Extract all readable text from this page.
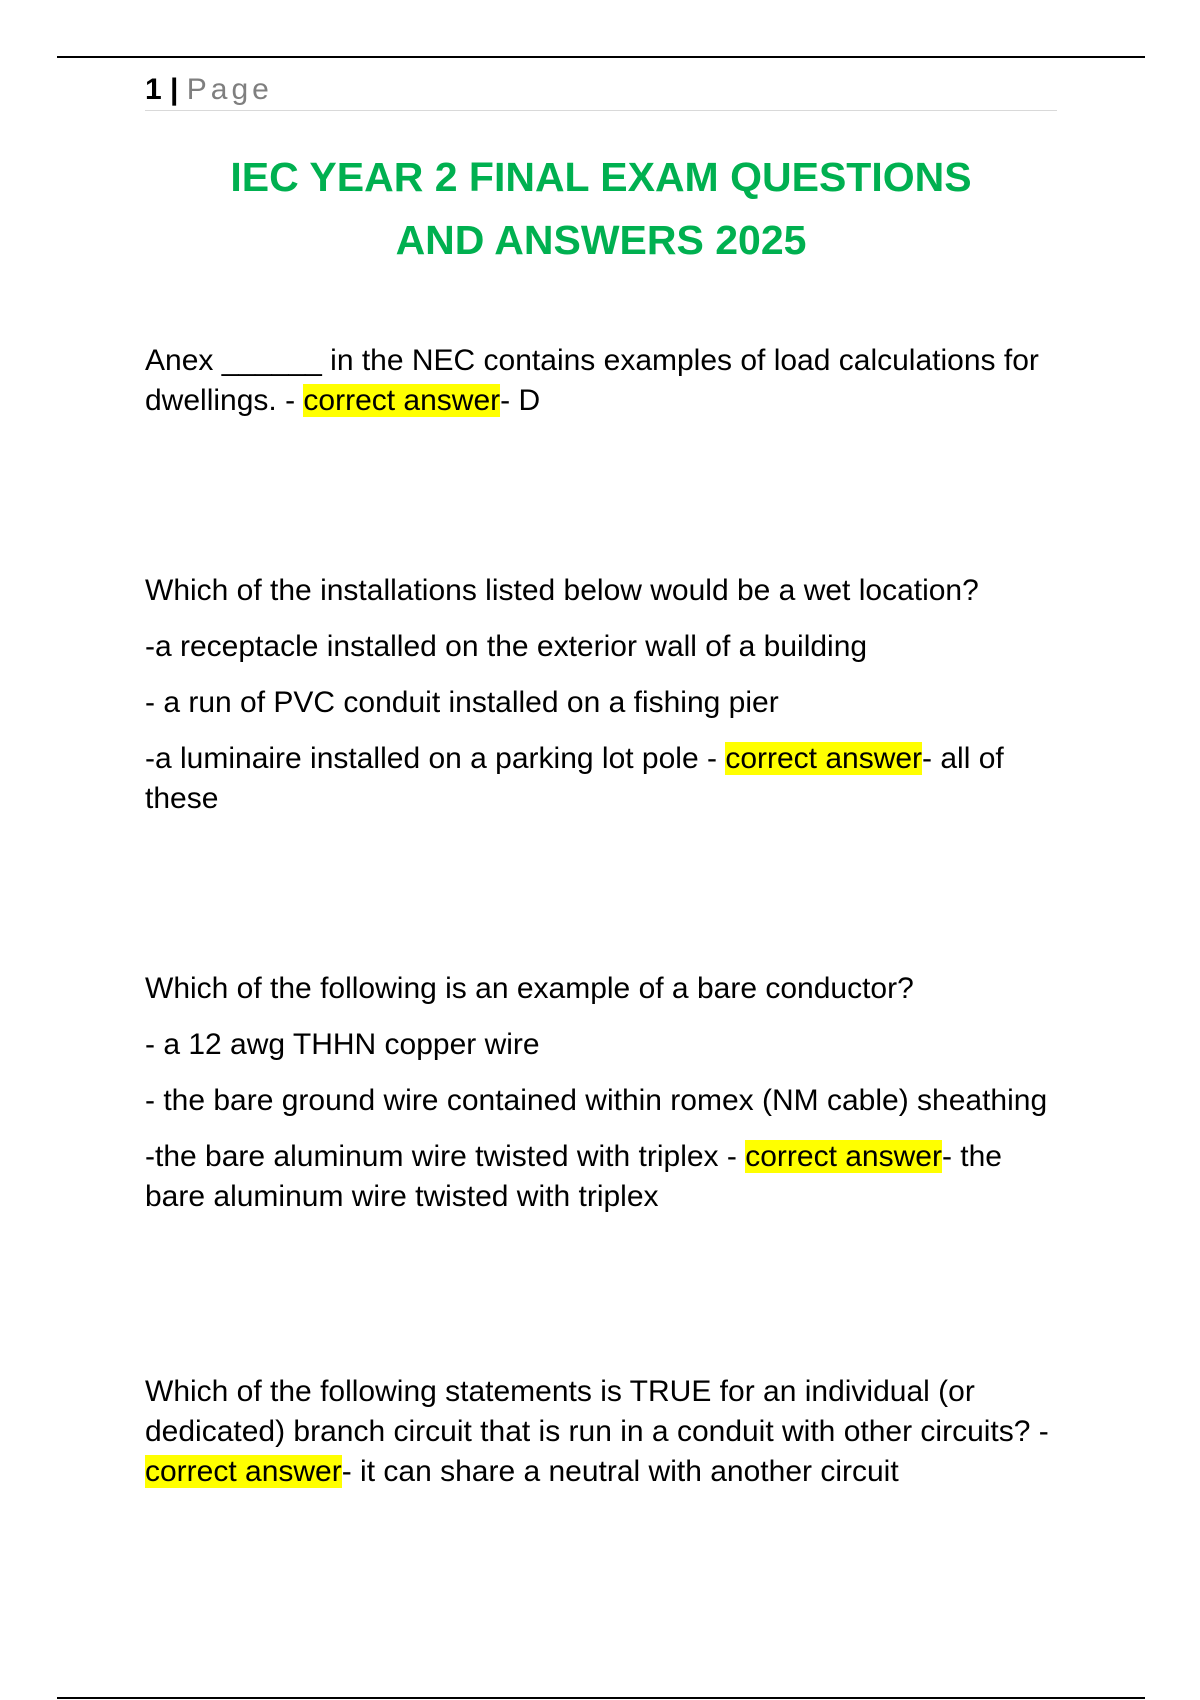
1 | Page
IEC YEAR 2 FINAL EXAM QUESTIONS
AND ANSWERS 2025

Anex ______ in the NEC contains examples of load calculations for dwellings. - correct answer- D

Which of the installations listed below would be a wet location?

-a receptacle installed on the exterior wall of a building

- a run of PVC conduit installed on a fishing pier

-a luminaire installed on a parking lot pole - correct answer- all of these

Which of the following is an example of a bare conductor?

- a 12 awg THHN copper wire

- the bare ground wire contained within romex (NM cable) sheathing

-the bare aluminum wire twisted with triplex - correct answer- the bare aluminum wire twisted with triplex

Which of the following statements is TRUE for an individual (or dedicated) branch circuit that is run in a conduit with other circuits? - correct answer- it can share a neutral with another circuit
